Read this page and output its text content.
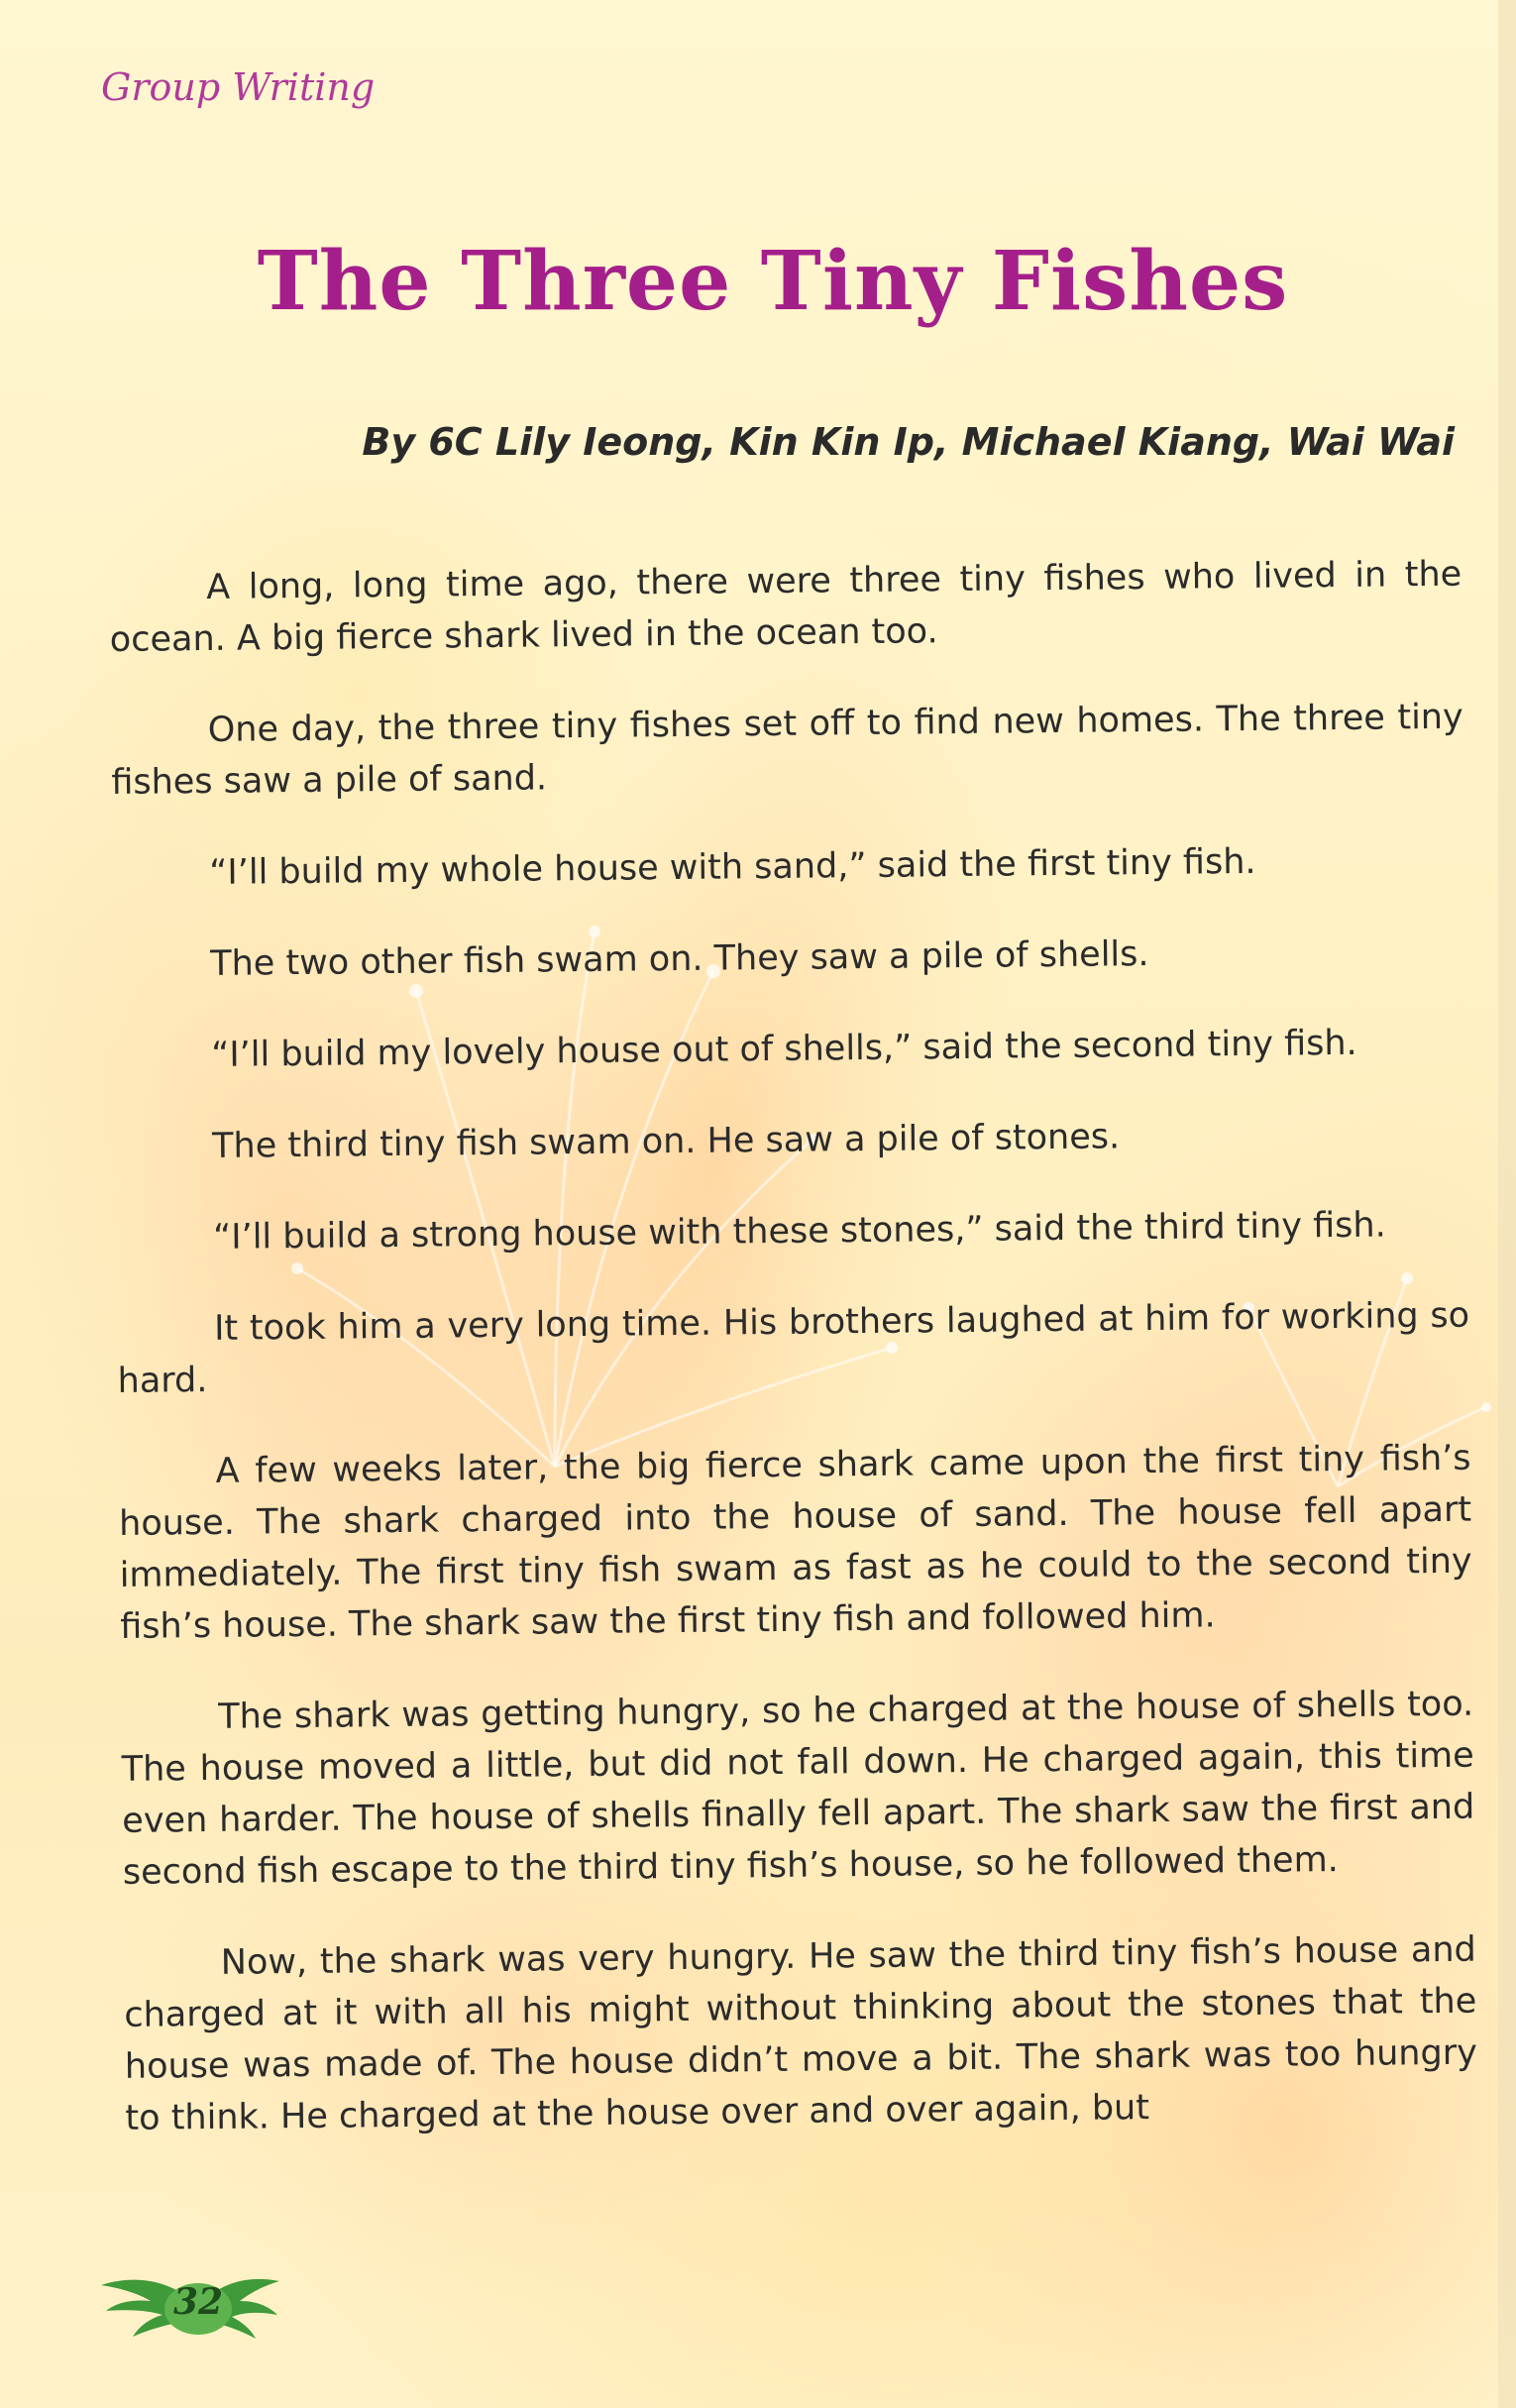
Group Writing
The Three Tiny Fishes
By 6C Lily Ieong, Kin Kin Ip, Michael Kiang, Wai Wai

A long, long time ago, there were three tiny fishes who lived in the ocean. A big fierce shark lived in the ocean too.

One day, the three tiny fishes set off to find new homes. The three tiny fishes saw a pile of sand.

“I’ll build my whole house with sand,” said the first tiny fish.

The two other fish swam on. They saw a pile of shells.

“I’ll build my lovely house out of shells,” said the second tiny fish.

The third tiny fish swam on. He saw a pile of stones.

“I’ll build a strong house with these stones,” said the third tiny fish.

It took him a very long time. His brothers laughed at him for working so hard.

A few weeks later, the big fierce shark came upon the first tiny fish’s house. The shark charged into the house of sand. The house fell apart immediately. The first tiny fish swam as fast as he could to the second tiny fish’s house. The shark saw the first tiny fish and followed him.

The shark was getting hungry, so he charged at the house of shells too. The house moved a little, but did not fall down. He charged again, this time even harder. The house of shells finally fell apart. The shark saw the first and second fish escape to the third tiny fish’s house, so he followed them.

Now, the shark was very hungry. He saw the third tiny fish’s house and charged at it with all his might without thinking about the stones that the house was made of. The house didn’t move a bit. The shark was too hungry to think. He charged at the house over and over again, but

32
